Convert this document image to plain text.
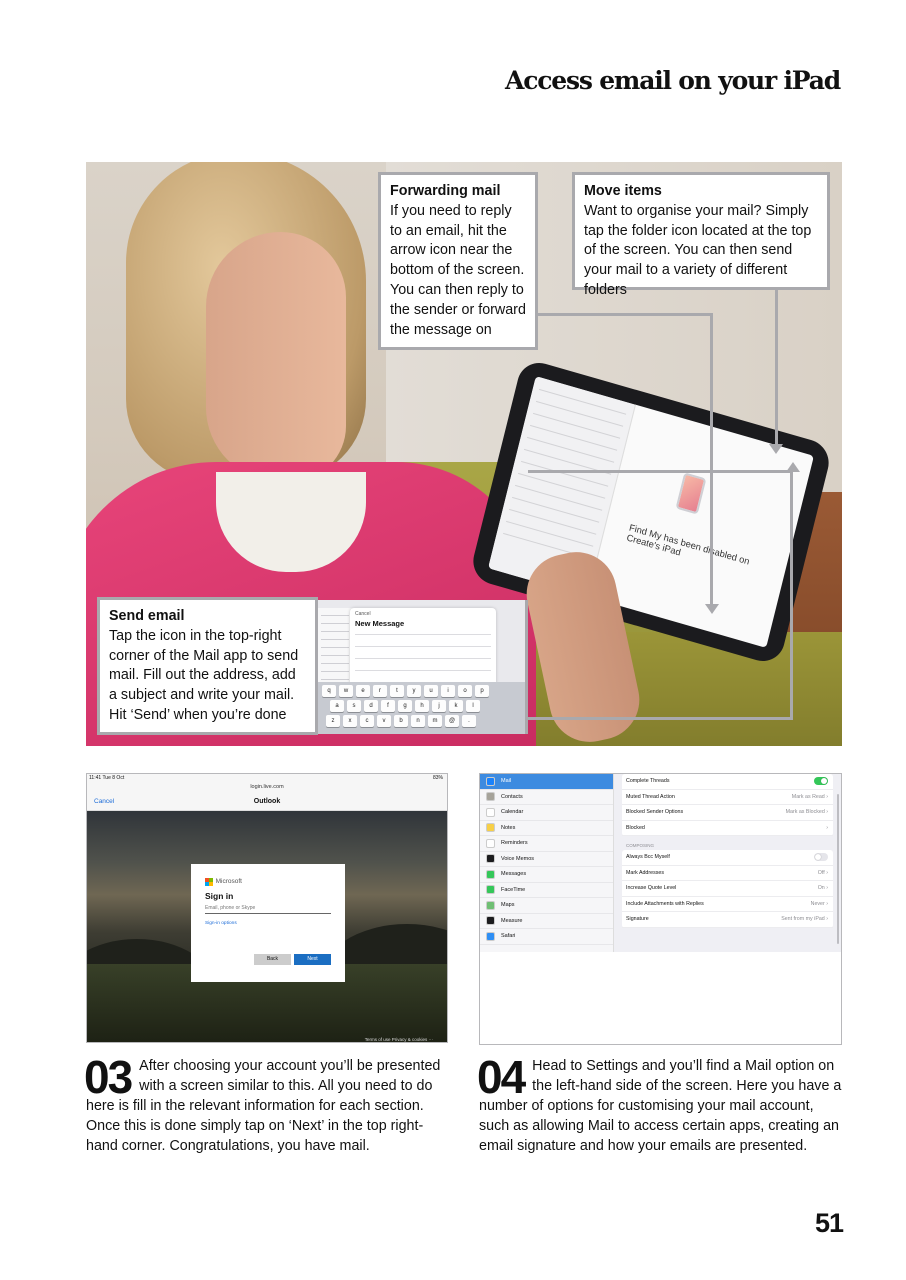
Access email on your iPad
Find My has been disabled on Create's iPad
Forwarding mail
If you need to reply to an email, hit the arrow icon near the bottom of the screen. You can then reply to the sender or forward the message on
Move items
Want to organise your mail? Simply tap the folder icon located at the top of the screen. You can then send your mail to a variety of different folders
Send email
Tap the icon in the top-right corner of the Mail app to send mail. Fill out the address, add a subject and write your mail. Hit ‘Send’ when you’re done
Cancel
New Message
q	w	e	r	t	y	u	i	o	p
a	s	d	f	g	h	j	k	l
z	x	c	v	b	n	m	@	.
11:41 Tue 8 Oct	83%
login.live.com
Cancel	Outlook
Terms of use Privacy & cookies ···
Microsoft
Sign in
Email, phone or Skype
Sign-in options
Back	Next
Mail
Contacts
Calendar
Notes
Reminders
Voice Memos
Messages
FaceTime
Maps
Measure
Safari
Complete Threads
Muted Thread Action	Mark as Read ›
Blocked Sender Options	Mark as Blocked ›
Blocked	›
COMPOSING
Always Bcc Myself
Mark Addresses	Off ›
Increase Quote Level	On ›
Include Attachments with Replies	Never ›
Signature	Sent from my iPad ›
03 After choosing your account you’ll be presented with a screen similar to this. All you need to do here is fill in the relevant information for each section. Once this is done simply tap on ‘Next’ in the top right-hand corner. Congratulations, you have mail.
04 Head to Settings and you’ll find a Mail option on the left-hand side of the screen. Here you have a number of options for customising your mail account, such as allowing Mail to access certain apps, creating an email signature and how your emails are presented.
51
